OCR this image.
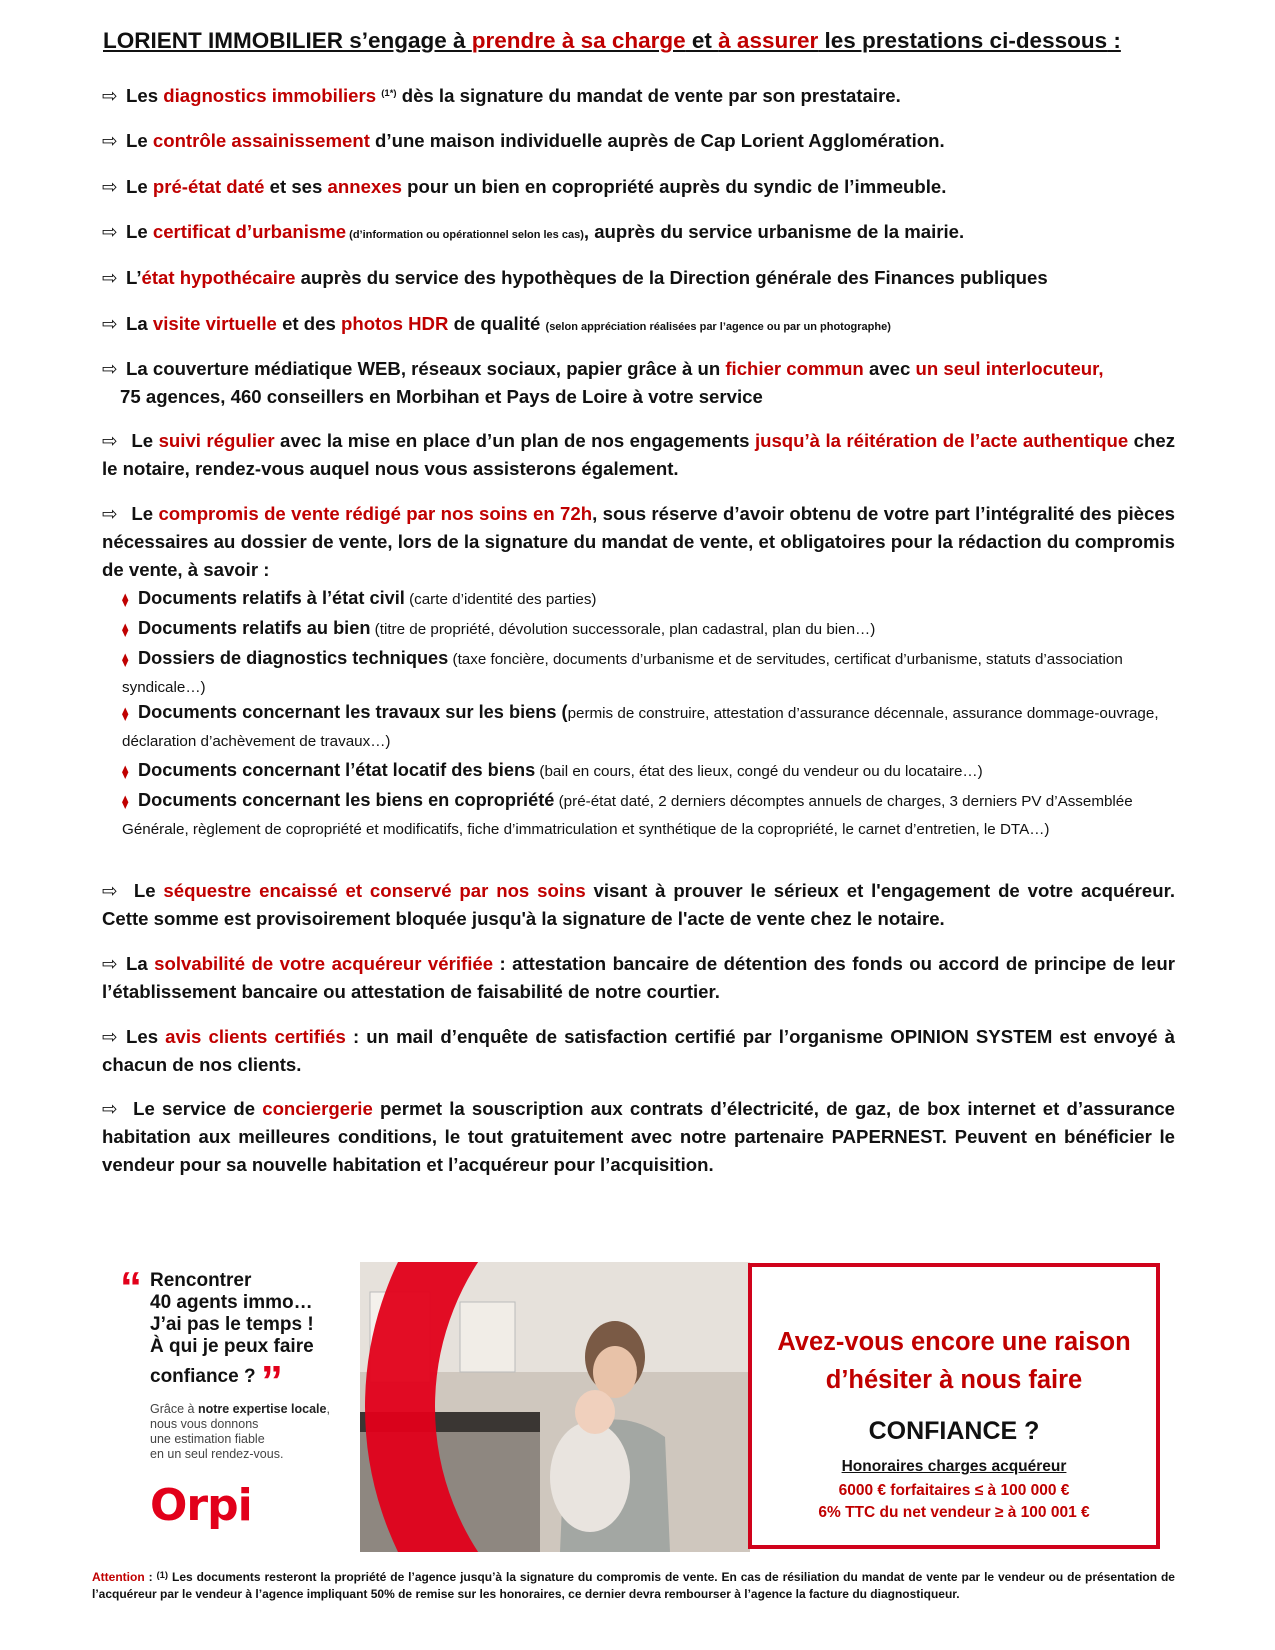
LORIENT IMMOBILIER s’engage à prendre à sa charge et à assurer les prestations ci-dessous :
⇨ Les diagnostics immobiliers $^{(1*)}$ dès la signature du mandat de vente par son prestataire.
⇨ Le contrôle assainissement d’une maison individuelle auprès de Cap Lorient Agglomération.
⇨ Le pré-état daté et ses annexes pour un bien en copropriété auprès du syndic de l’immeuble.
⇨ Le certificat d’urbanisme (d’information ou opérationnel selon les cas), auprès du service urbanisme de la mairie.
⇨ L’état hypothécaire auprès du service des hypothèques de la Direction générale des Finances publiques
⇨ La visite virtuelle et des photos HDR de qualité (selon appréciation réalisées par l’agence ou par un photographe)
⇨ La couverture médiatique WEB, réseaux sociaux, papier grâce à un fichier commun avec un seul interlocuteur,
75 agences, 460 conseillers en Morbihan et Pays de Loire à votre service
⇨ Le suivi régulier avec la mise en place d’un plan de nos engagements jusqu’à la réitération de l’acte authentique chez le notaire, rendez-vous auquel nous vous assisterons également.
⇨ Le compromis de vente rédigé par nos soins en 72h, sous réserve d’avoir obtenu de votre part l’intégralité des pièces nécessaires au dossier de vente, lors de la signature du mandat de vente, et obligatoires pour la rédaction du compromis de vente, à savoir :
⧫ Documents relatifs à l’état civil (carte d’identité des parties)
⧫ Documents relatifs au bien (titre de propriété, dévolution successorale, plan cadastral, plan du bien…)
⧫ Dossiers de diagnostics techniques (taxe foncière, documents d’urbanisme et de servitudes, certificat d’urbanisme, statuts d’association syndicale…)
⧫ Documents concernant les travaux sur les biens (permis de construire, attestation d’assurance décennale, assurance dommage-ouvrage, déclaration d’achèvement de travaux…)
⧫ Documents concernant l’état locatif des biens (bail en cours, état des lieux, congé du vendeur ou du locataire…)
⧫ Documents concernant les biens en copropriété (pré-état daté, 2 derniers décomptes annuels de charges, 3 derniers PV d’Assemblée Générale, règlement de copropriété et modificatifs, fiche d’immatriculation et synthétique de la copropriété, le carnet d’entretien, le DTA…)
⇨ Le séquestre encaissé et conservé par nos soins visant à prouver le sérieux et l'engagement de votre acquéreur. Cette somme est provisoirement bloquée jusqu'à la signature de l'acte de vente chez le notaire.
⇨ La solvabilité de votre acquéreur vérifiée : attestation bancaire de détention des fonds ou accord de principe de leur l’établissement bancaire ou attestation de faisabilité de notre courtier.
⇨ Les avis clients certifiés : un mail d’enquête de satisfaction certifié par l’organisme OPINION SYSTEM est envoyé à chacun de nos clients.
⇨ Le service de conciergerie permet la souscription aux contrats d’électricité, de gaz, de box internet et d’assurance habitation aux meilleures conditions, le tout gratuitement avec notre partenaire PAPERNEST. Peuvent en bénéficier le vendeur pour sa nouvelle habitation et l’acquéreur pour l’acquisition.
“ Rencontrer
40 agents immo…
J’ai pas le temps !
À qui je peux faire
confiance ? ”
Grâce à notre expertise locale,
nous vous donnons
une estimation fiable
en un seul rendez-vous.
Orpi
Avez-vous encore une raison
d’hésiter à nous faire
CONFIANCE ?
Honoraires charges acquéreur
6000 € forfaitaires ≤ à 100 000 €
6% TTC du net vendeur ≥ à 100 001 €
Attention : $^{(1)}$ Les documents resteront la propriété de l’agence jusqu’à la signature du compromis de vente. En cas de résiliation du mandat de vente par le vendeur ou de présentation de l’acquéreur par le vendeur à l’agence impliquant 50% de remise sur les honoraires, ce dernier devra rembourser à l’agence la facture du diagnostiqueur.
